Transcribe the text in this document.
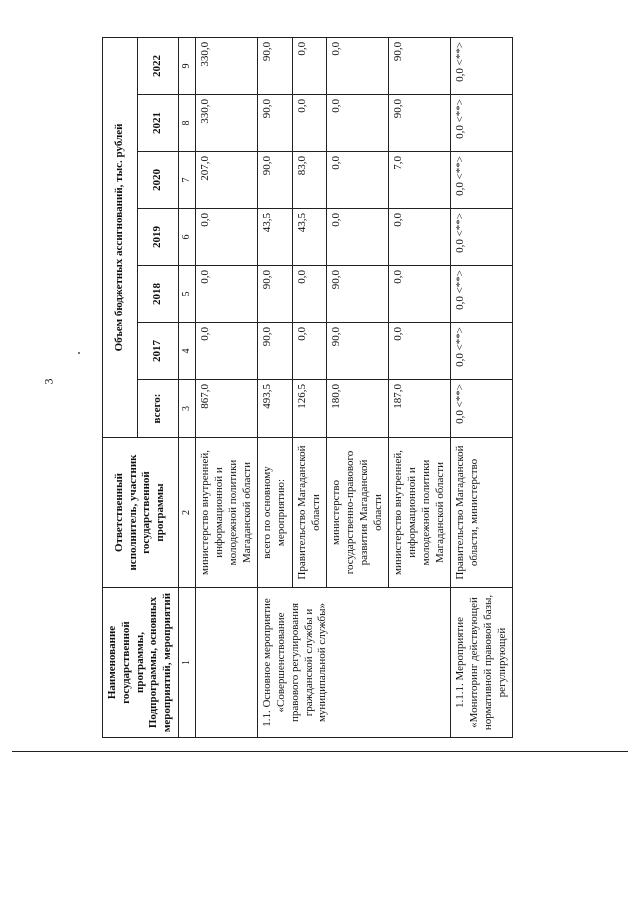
3
Наименование государственной программы, Подпрограммы, основных мероприятий, мероприятий	Ответственный исполнитель, участник государственной программы	Объем бюджетных ассигнований, тыс. рублей						
		всего:	2017	2018	2019	2020	2021	2022
1	2	3	4	5	6	7	8	9
	министерство внутренней, информационной и молодежной политики Магаданской области	867,0	0,0	0,0	0,0	207,0	330,0	330,0
1.1. Основное мероприятие «Совершенствование правового регулирования гражданской службы и муниципальной службы»	всего по основному мероприятию:	493,5	90,0	90,0	43,5	90,0	90,0	90,0
	Правительство Магаданской области	126,5	0,0	0,0	43,5	83,0	0,0	0,0
	министерство государственно-правового развития Магаданской области	180,0	90,0	90,0	0,0	0,0	0,0	0,0
	министерство внутренней, информационной и молодежной политики Магаданской области	187,0	0,0	0,0	0,0	7,0	90,0	90,0
1.1.1. Мероприятие «Мониторинг действующей нормативной правовой базы, регулирующей	Правительство Магаданской области, министерство	0,0 <**>	0,0 <**>	0,0 <**>	0,0 <**>	0,0 <**>	0,0 <**>	0,0 <**>
